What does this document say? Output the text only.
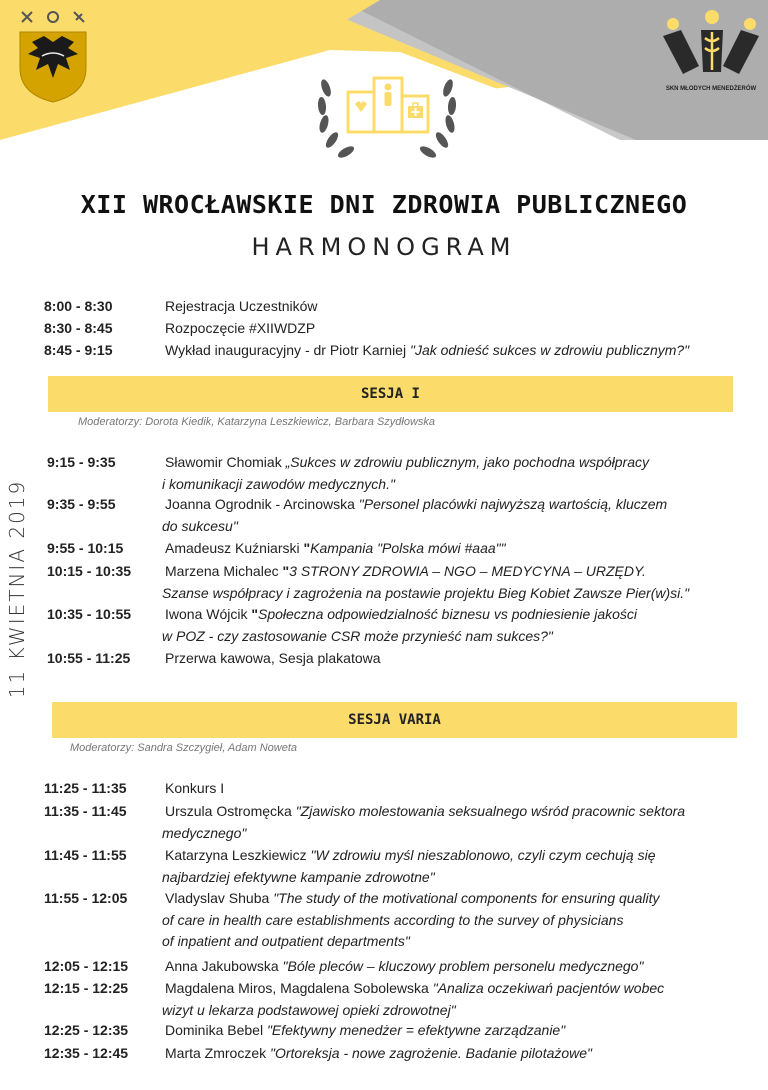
SKN MŁODYCH MENEDŻERÓW
XII WROCŁAWSKIE DNI ZDROWIA PUBLICZNEGO
HARMONOGRAM
11 KWIETNIA 2019
SESJA I
Moderatorzy: Dorota Kiedik, Katarzyna Leszkiewicz, Barbara Szydłowska
SESJA VARIA
Moderatorzy: Sandra Szczygieł, Adam Noweta
8:00 - 8:30	Rejestracja Uczestników
8:30 - 8:45	Rozpoczęcie #XIIWDZP
8:45 - 9:15	Wykład inauguracyjny - dr Piotr Karniej "Jak odnieść sukces w zdrowiu publicznym?"
9:15 - 9:35	Sławomir Chomiak „Sukces w zdrowiu publicznym, jako pochodna współpracy
i komunikacji zawodów medycznych."
9:35 - 9:55	Joanna Ogrodnik - Arcinowska "Personel placówki najwyższą wartością, kluczem
do sukcesu"
9:55 - 10:15	Amadeusz Kuźniarski "Kampania "Polska mówi #aaa""
10:15 - 10:35 Marzena Michalec "3 STRONY ZDROWIA – NGO – MEDYCYNA – URZĘDY.
Szanse współpracy i zagrożenia na postawie projektu Bieg Kobiet Zawsze Pier(w)si."
10:35 - 10:55 Iwona Wójcik "Społeczna odpowiedzialność biznesu vs podniesienie jakości
w POZ - czy zastosowanie CSR może przynieść nam sukces?"
10:55 - 11:25 Przerwa kawowa, Sesja plakatowa
11:25 - 11:35	Konkurs I
11:35 - 11:45	Urszula Ostromęcka "Zjawisko molestowania seksualnego wśród pracownic sektora
medycznego"
11:45 - 11:55	Katarzyna Leszkiewicz "W zdrowiu myśl nieszablonowo, czyli czym cechują się
najbardziej efektywne kampanie zdrowotne"
11:55 - 12:05	Vladyslav Shuba "The study of the motivational components for ensuring quality
of care in health care establishments according to the survey of physicians
of inpatient and outpatient departments"
12:05 - 12:15	Anna Jakubowska "Bóle pleców – kluczowy problem personelu medycznego"
12:15 - 12:25	Magdalena Miros, Magdalena Sobolewska "Analiza oczekiwań pacjentów wobec
wizyt u lekarza podstawowej opieki zdrowotnej"
12:25 - 12:35	Dominika Bebel "Efektywny menedżer = efektywne zarządzanie"
12:35 - 12:45	Marta Zmroczek "Ortoreksja - nowe zagrożenie. Badanie pilotażowe"
